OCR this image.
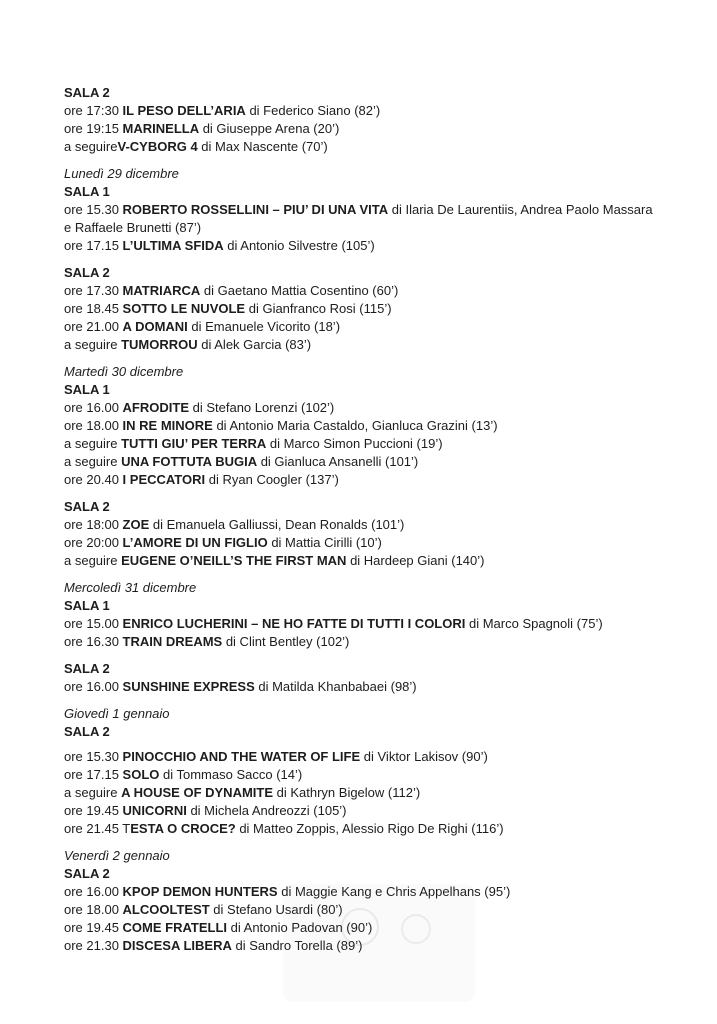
SALA 2
ore 17:30 IL PESO DELL’ARIA di Federico Siano (82’)
ore 19:15 MARINELLA di Giuseppe Arena (20’)
a seguireV-CYBORG 4 di Max Nascente (70’)
Lunedì 29 dicembre
SALA 1
ore 15.30 ROBERTO ROSSELLINI – PIU’ DI UNA VITA di Ilaria De Laurentiis, Andrea Paolo Massara e Raffaele Brunetti (87’)
ore 17.15 L’ULTIMA SFIDA di Antonio Silvestre (105’)
SALA 2
ore 17.30 MATRIARCA di Gaetano Mattia Cosentino (60’)
ore 18.45 SOTTO LE NUVOLE di Gianfranco Rosi (115’)
ore 21.00 A DOMANI di Emanuele Vicorito (18’)
a seguire TUMORROU di Alek Garcia (83’)
Martedì 30 dicembre
SALA 1
ore 16.00 AFRODITE di Stefano Lorenzi (102’)
ore 18.00 IN RE MINORE di Antonio Maria Castaldo, Gianluca Grazini (13’)
a seguire TUTTI GIU’ PER TERRA di Marco Simon Puccioni (19’)
a seguire UNA FOTTUTA BUGIA di Gianluca Ansanelli (101’)
ore 20.40 I PECCATORI di Ryan Coogler (137’)
SALA 2
ore 18:00 ZOE di Emanuela Galliussi, Dean Ronalds (101’)
ore 20:00 L’AMORE DI UN FIGLIO di Mattia Cirilli (10’)
a seguire EUGENE O’NEILL’S THE FIRST MAN di Hardeep Giani (140’)
Mercoledì 31 dicembre
SALA 1
ore 15.00 ENRICO LUCHERINI – NE HO FATTE DI TUTTI I COLORI di Marco Spagnoli (75’)
ore 16.30 TRAIN DREAMS di Clint Bentley (102’)
SALA 2
ore 16.00 SUNSHINE EXPRESS di Matilda Khanbabaei (98’)
Giovedì 1 gennaio
SALA 2
ore 15.30 PINOCCHIO AND THE WATER OF LIFE di Viktor Lakisov (90’)
ore 17.15 SOLO di Tommaso Sacco (14’)
a seguire A HOUSE OF DYNAMITE di Kathryn Bigelow (112’)
ore 19.45 UNICORNI di Michela Andreozzi (105’)
ore 21.45 TESTA O CROCE? di Matteo Zoppis, Alessio Rigo De Righi (116’)
Venerdì 2 gennaio
SALA 2
ore 16.00 KPOP DEMON HUNTERS di Maggie Kang e Chris Appelhans (95’)
ore 18.00 ALCOOLTEST di Stefano Usardi (80’)
ore 19.45 COME FRATELLI di Antonio Padovan (90’)
ore 21.30 DISCESA LIBERA di Sandro Torella (89’)
